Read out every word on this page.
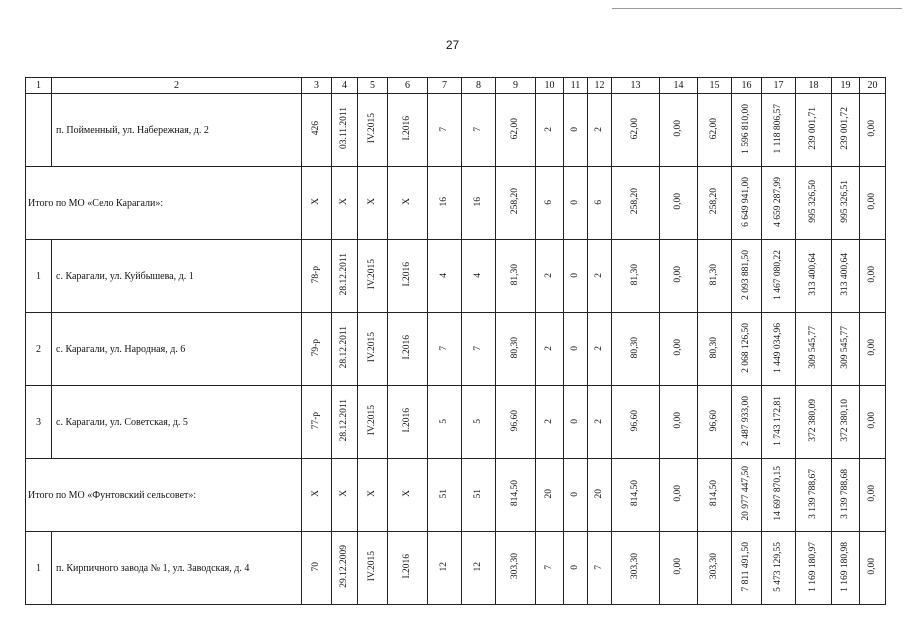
27
1	2	3	4	5	6	7	8	9	10	11	12	13	14	15	16	17	18	19	20
	п. Пойменный, ул. Набережная, д. 2	426	03.11.2011	IV.2015	I.2016	7	7	62,00	2	0	2	62,00	0,00	62,00	1 596 810,00	1 118 806,57	239 001,71	239 001,72	0,00
Итого по МО «Село Карагали»:		X	X	X	X	16	16	258,20	6	0	6	258,20	0,00	258,20	6 649 941,00	4 659 287,99	995 326,50	995 326,51	0,00
1	с. Карагали, ул. Куйбышева, д. 1	78-р	28.12.2011	IV.2015	I.2016	4	4	81,30	2	0	2	81,30	0,00	81,30	2 093 881,50	1 467 080,22	313 400,64	313 400,64	0,00
2	с. Карагали, ул. Народная, д. 6	79-р	28.12.2011	IV.2015	I.2016	7	7	80,30	2	0	2	80,30	0,00	80,30	2 068 126,50	1 449 034,96	309 545,77	309 545,77	0,00
3	с. Карагали, ул. Советская, д. 5	77-р	28.12.2011	IV.2015	I.2016	5	5	96,60	2	0	2	96,60	0,00	96,60	2 487 933,00	1 743 172,81	372 380,09	372 380,10	0,00
Итого по МО «Фунтовский сельсовет»:		X	X	X	X	51	51	814,50	20	0	20	814,50	0,00	814,50	20 977 447,50	14 697 870,15	3 139 788,67	3 139 788,68	0,00
1	п. Кирпичного завода № 1, ул. Заводская, д. 4	70	29.12.2009	IV.2015	I.2016	12	12	303,30	7	0	7	303,30	0,00	303,30	7 811 491,50	5 473 129,55	1 169 180,97	1 169 180,98	0,00
